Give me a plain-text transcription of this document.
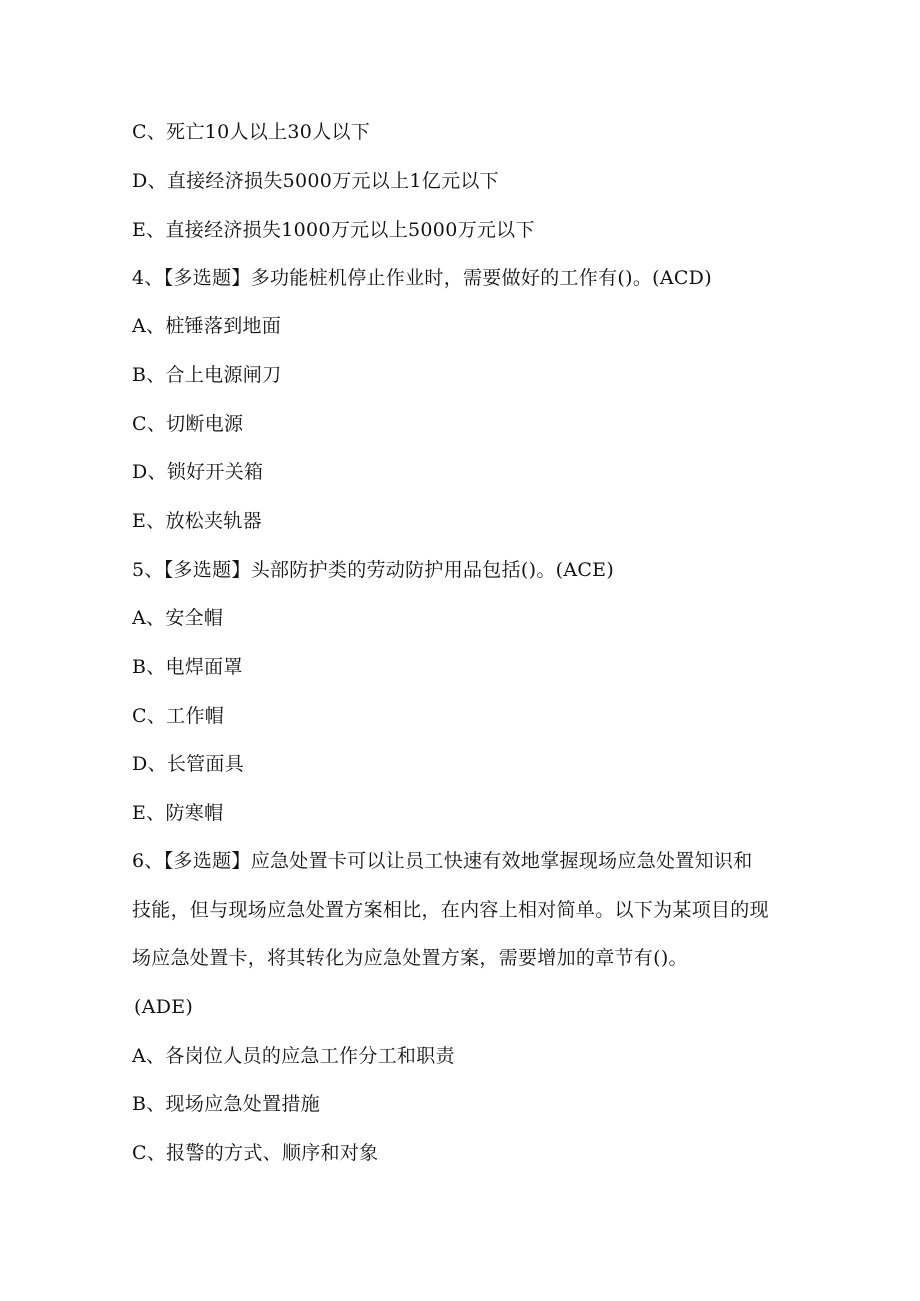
C、死亡10人以上30人以下
D、直接经济损失5000万元以上1亿元以下
E、直接经济损失1000万元以上5000万元以下
4、【多选题】多功能桩机停止作业时，需要做好的工作有()。(ACD)
A、桩锤落到地面
B、合上电源闸刀
C、切断电源
D、锁好开关箱
E、放松夹轨器
5、【多选题】头部防护类的劳动防护用品包括()。(ACE)
A、安全帽
B、电焊面罩
C、工作帽
D、长管面具
E、防寒帽
6、【多选题】应急处置卡可以让员工快速有效地掌握现场应急处置知识和
技能，但与现场应急处置方案相比，在内容上相对简单。以下为某项目的现
场应急处置卡，将其转化为应急处置方案，需要增加的章节有()。
(ADE)
A、各岗位人员的应急工作分工和职责
B、现场应急处置措施
C、报警的方式、顺序和对象
